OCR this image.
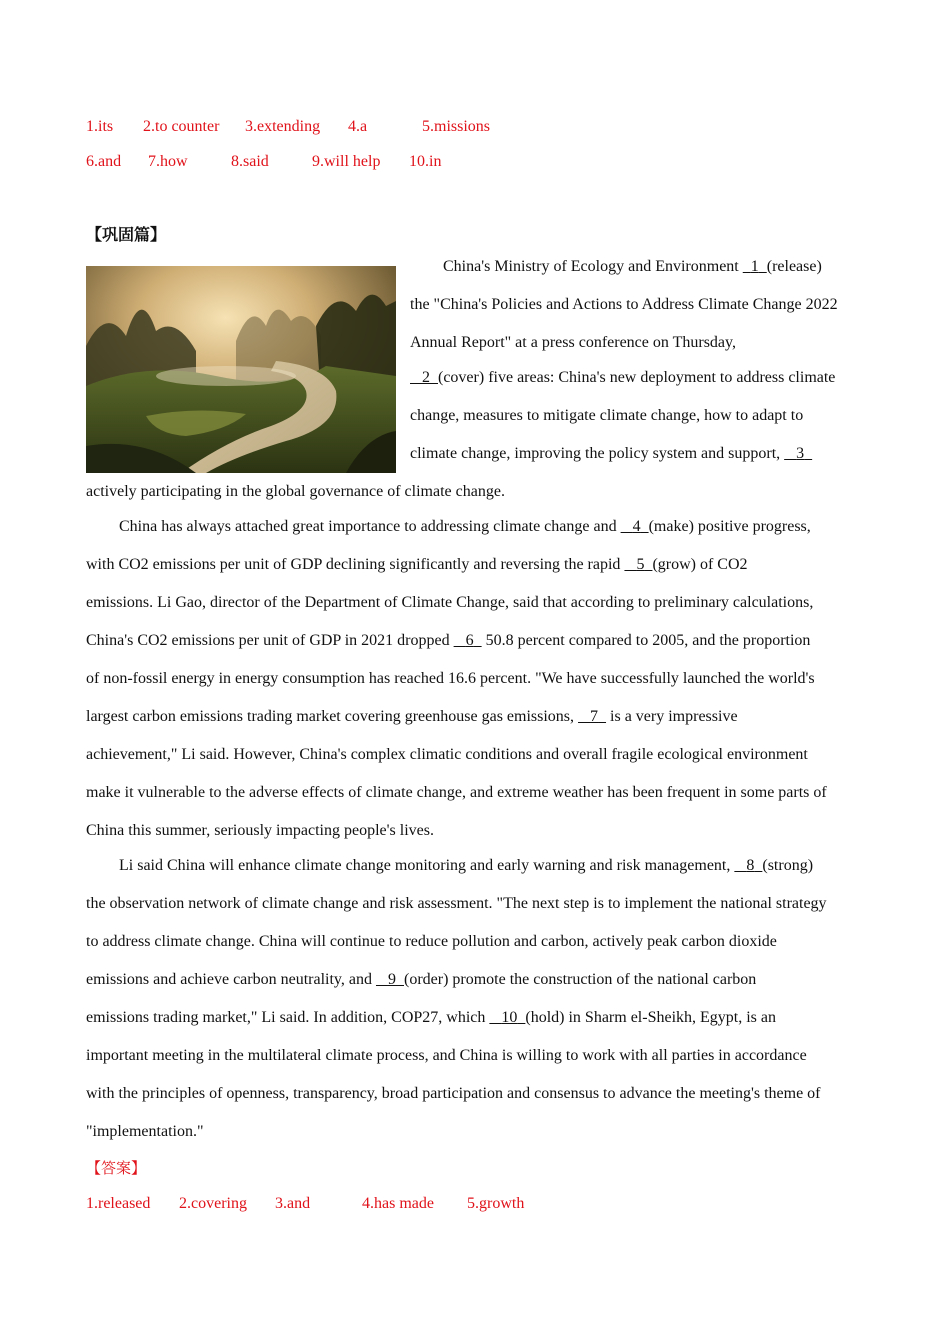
1.its 2.to counter 3.extending 4.a	5.missions
6.and 7.how	8.said	9.will help 10.in
【巩固篇】
China's Ministry of Ecology and Environment   1 (release)
the "China's Policies and Actions to Address Climate Change 2022
Annual Report" at a press conference on Thursday,
2 (cover) five areas: China's new deployment to address climate
change, measures to mitigate climate change, how to adapt to
climate change, improving the policy system and support,    3
actively participating in the global governance of climate change.
China has always attached great importance to addressing climate change and    4 (make) positive progress,
with CO2 emissions per unit of GDP declining significantly and reversing the rapid    5 (grow) of CO2
emissions. Li Gao, director of the Department of Climate Change, said that according to preliminary calculations,
China's CO2 emissions per unit of GDP in 2021 dropped    6   50.8 percent compared to 2005, and the proportion
of non-fossil energy in energy consumption has reached 16.6 percent. "We have successfully launched the world's
largest carbon emissions trading market covering greenhouse gas emissions,    7   is a very impressive
achievement," Li said. However, China's complex climatic conditions and overall fragile ecological environment
make it vulnerable to the adverse effects of climate change, and extreme weather has been frequent in some parts of
China this summer, seriously impacting people's lives.
Li said China will enhance climate change monitoring and early warning and risk management,    8 (strong)
the observation network of climate change and risk assessment. "The next step is to implement the national strategy
to address climate change. China will continue to reduce pollution and carbon, actively peak carbon dioxide
emissions and achieve carbon neutrality, and    9 (order) promote the construction of the national carbon
emissions trading market," Li said. In addition, COP27, which    10 (hold) in Sharm el-Sheikh, Egypt, is an
important meeting in the multilateral climate process, and China is willing to work with all parties in accordance
with the principles of openness, transparency, broad participation and consensus to advance the meeting's theme of
"implementation."
【答案】
1.released 2.covering 3.and	4.has made 5.growth
